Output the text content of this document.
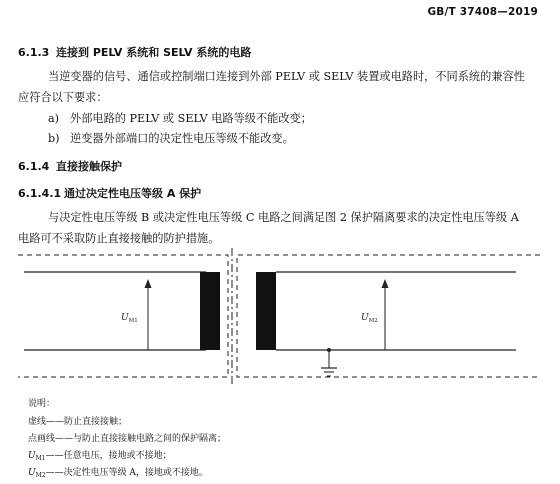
GB/T 37408—2019
6.1.3 连接到 PELV 系统和 SELV 系统的电路
当逆变器的信号、通信或控制端口连接到外部 PELV 或 SELV 装置或电路时，不同系统的兼容性
应符合以下要求：
a) 外部电路的 PELV 或 SELV 电路等级不能改变；
b) 逆变器外部端口的决定性电压等级不能改变。
6.1.4 直接接触保护
6.1.4.1 通过决定性电压等级 A 保护
与决定性电压等级 B 或决定性电压等级 C 电路之间满足图 2 保护隔离要求的决定性电压等级 A
电路可不采取防止直接接触的防护措施。
$U_{M1}$	$U_{M2}$
说明：
虚线——防止直接接触；
点画线——与防止直接接触电路之间的保护隔离；
$U_{M1}——$任意电压，接地或不接地；
$U_{M2}——$决定性电压等级 A，接地或不接地。
